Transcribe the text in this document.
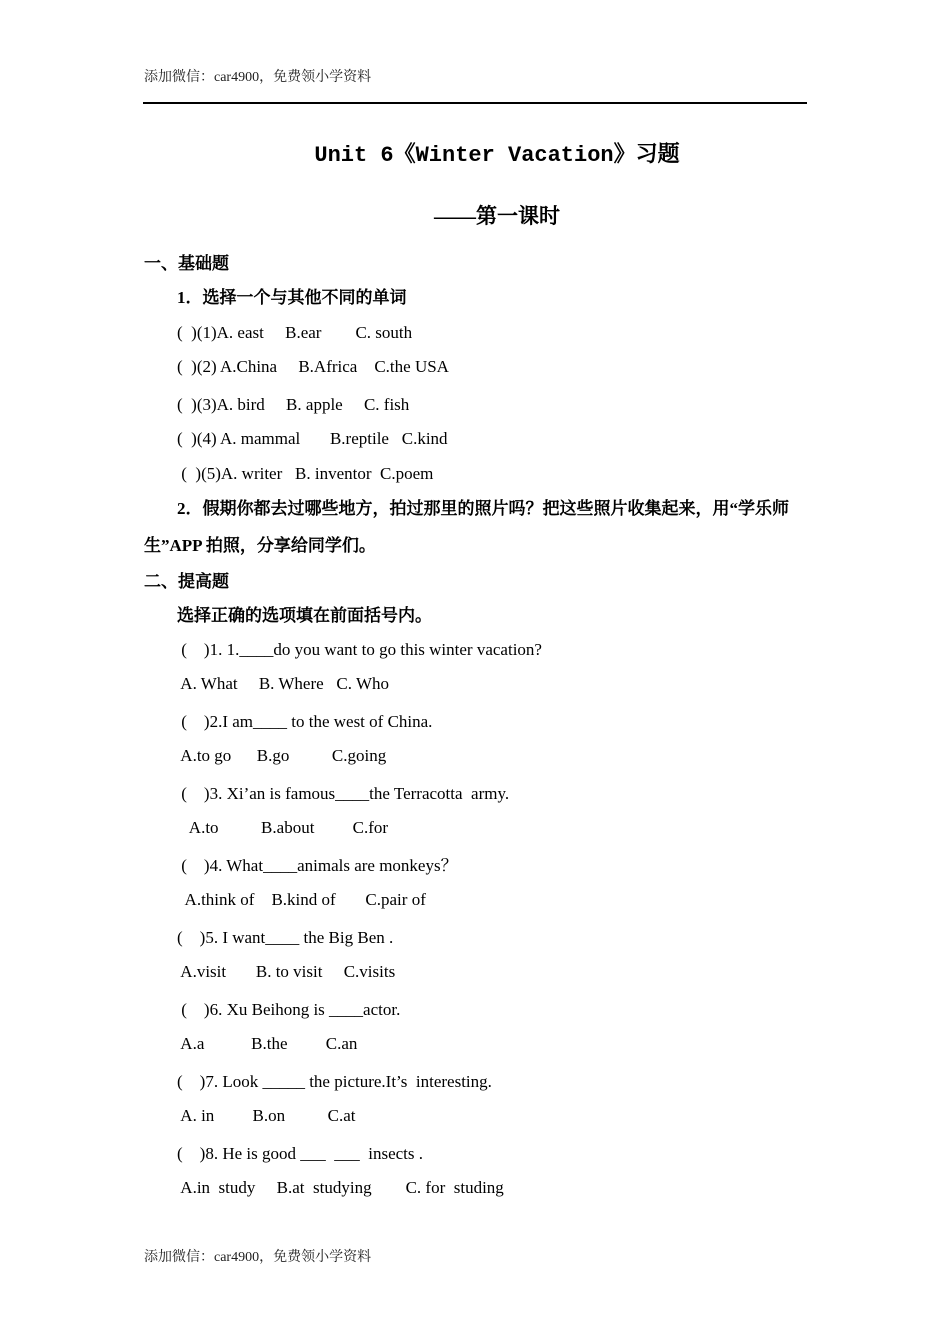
添加微信：car4900，免费领小学资料
Unit 6《Winter Vacation》习题
——第一课时
一、基础题
1．选择一个与其他不同的单词
(  )(1)A. east     B.ear        C. south
(  )(2) A.China     B.Africa    C.the USA
(  )(3)A. bird     B. apple     C. fish
(  )(4) A. mammal       B.reptile   C.kind
(  )(5)A. writer   B. inventor  C.poem
2．假期你都去过哪些地方，拍过那里的照片吗？把这些照片收集起来，用“学乐师
生”APP 拍照，分享给同学们。
二、提高题
选择正确的选项填在前面括号内。
(    )1. 1.____do you want to go this winter vacation?
A. What     B. Where   C. Who
(    )2.I am____ to the west of China.
A.to go      B.go          C.going
(    )3. Xi’an is famous____the Terracotta  army.
A.to          B.about         C.for
(    )4. What____animals are monkeys？
A.think of    B.kind of       C.pair of
(    )5. I want____ the Big Ben .
A.visit       B. to visit     C.visits
(    )6. Xu Beihong is ____actor.
A.a           B.the         C.an
(    )7. Look _____ the picture.It’s  interesting.
A. in         B.on          C.at
(    )8. He is good ___  ___  insects .
A.in  study     B.at  studying        C. for  studing
添加微信：car4900，免费领小学资料
